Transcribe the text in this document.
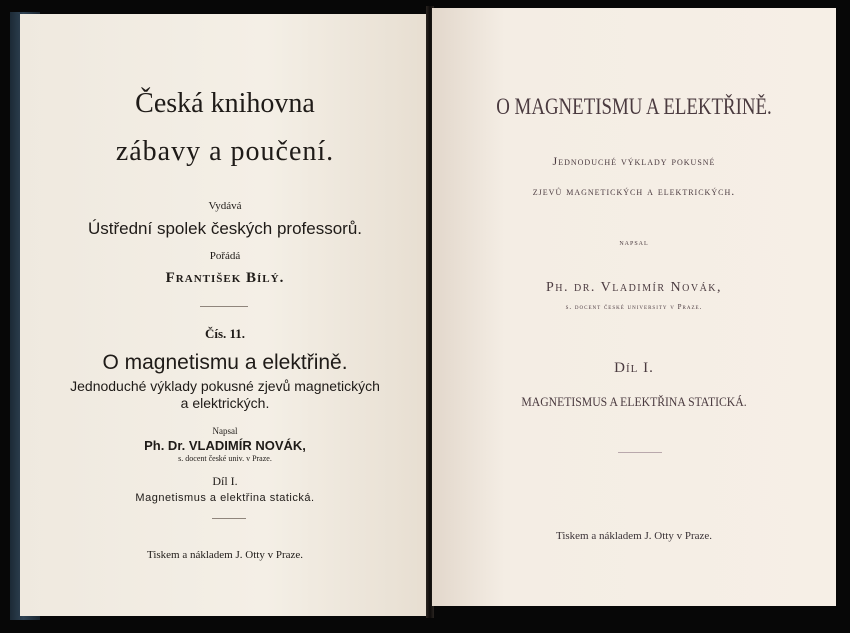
Česká knihovna

zábavy a poučení.

Vydává

Ústřední spolek českých professorů.

Pořádá

František Bílý.

Čís. 11.

O magnetismu a elektřině.

Jednoduché výklady pokusné zjevů magnetických

a elektrických.

Napsal

Ph. Dr. VLADIMÍR NOVÁK,

s. docent české univ. v Praze.

Díl I.

Magnetismus a elektřina statická.

Tiskem a nákladem J. Otty v Praze.

O MAGNETISMU A ELEKTŘINĚ.

Jednoduché výklady pokusné

zjevů magnetických a elektrických.

napsal

Ph. dr. Vladimír Novák,

s. docent české university v Praze.

Díl I.

MAGNETISMUS A ELEKTŘINA STATICKÁ.

Tiskem a nákladem J. Otty v Praze.
